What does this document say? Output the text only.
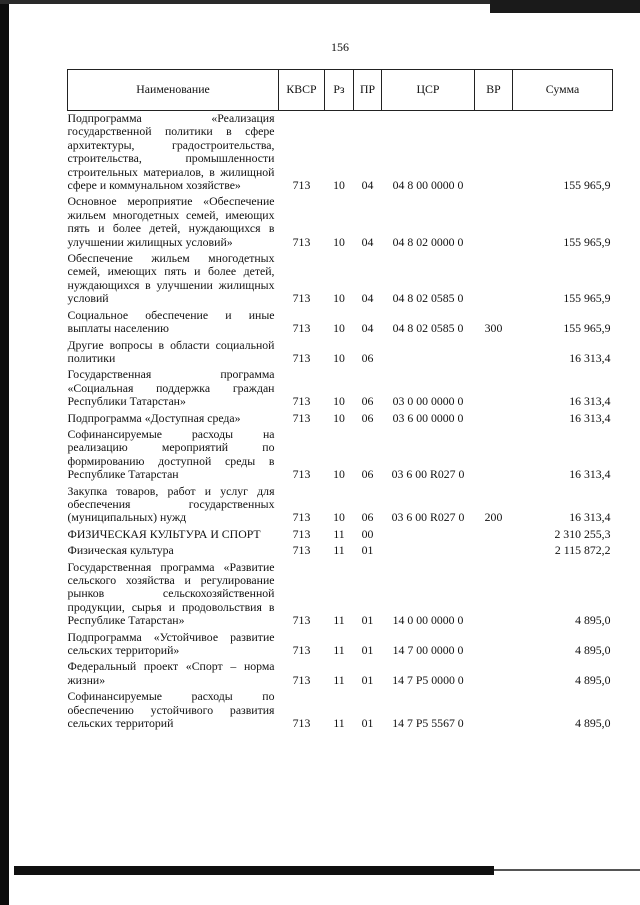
156
Наименование	КВСР	Рз	ПР	ЦСР	ВР	Сумма
Подпрограмма «Реализация государственной политики в сфере архитектуры, градостроительства, строительства, промышленности строительных материалов, в жилищной сфере и коммунальном хозяйстве»	713	10	04	04 8 00 0000 0		155 965,9
Основное мероприятие «Обеспечение жильем многодетных семей, имеющих пять и более детей, нуждающихся в улучшении жилищных условий»	713	10	04	04 8 02 0000 0		155 965,9
Обеспечение жильем многодетных семей, имеющих пять и более детей, нуждающихся в улучшении жилищных условий	713	10	04	04 8 02 0585 0		155 965,9
Социальное обеспечение и иные выплаты населению	713	10	04	04 8 02 0585 0	300	155 965,9
Другие вопросы в области социальной политики	713	10	06			16 313,4
Государственная программа «Социальная поддержка граждан Республики Татарстан»	713	10	06	03 0 00 0000 0		16 313,4
Подпрограмма «Доступная среда»	713	10	06	03 6 00 0000 0		16 313,4
Софинансируемые расходы на реализацию мероприятий по формированию доступной среды в Республике Татарстан	713	10	06	03 6 00 R027 0		16 313,4
Закупка товаров, работ и услуг для обеспечения государственных (муниципальных) нужд	713	10	06	03 6 00 R027 0	200	16 313,4
ФИЗИЧЕСКАЯ КУЛЬТУРА И СПОРТ	713	11	00			2 310 255,3
Физическая культура	713	11	01			2 115 872,2
Государственная программа «Развитие сельского хозяйства и регулирование рынков сельскохозяйственной продукции, сырья и продовольствия в Республике Татарстан»	713	11	01	14 0 00 0000 0		4 895,0
Подпрограмма «Устойчивое развитие сельских территорий»	713	11	01	14 7 00 0000 0		4 895,0
Федеральный проект «Спорт – норма жизни»	713	11	01	14 7 P5 0000 0		4 895,0
Софинансируемые расходы по обеспечению устойчивого развития сельских территорий	713	11	01	14 7 P5 5567 0		4 895,0
